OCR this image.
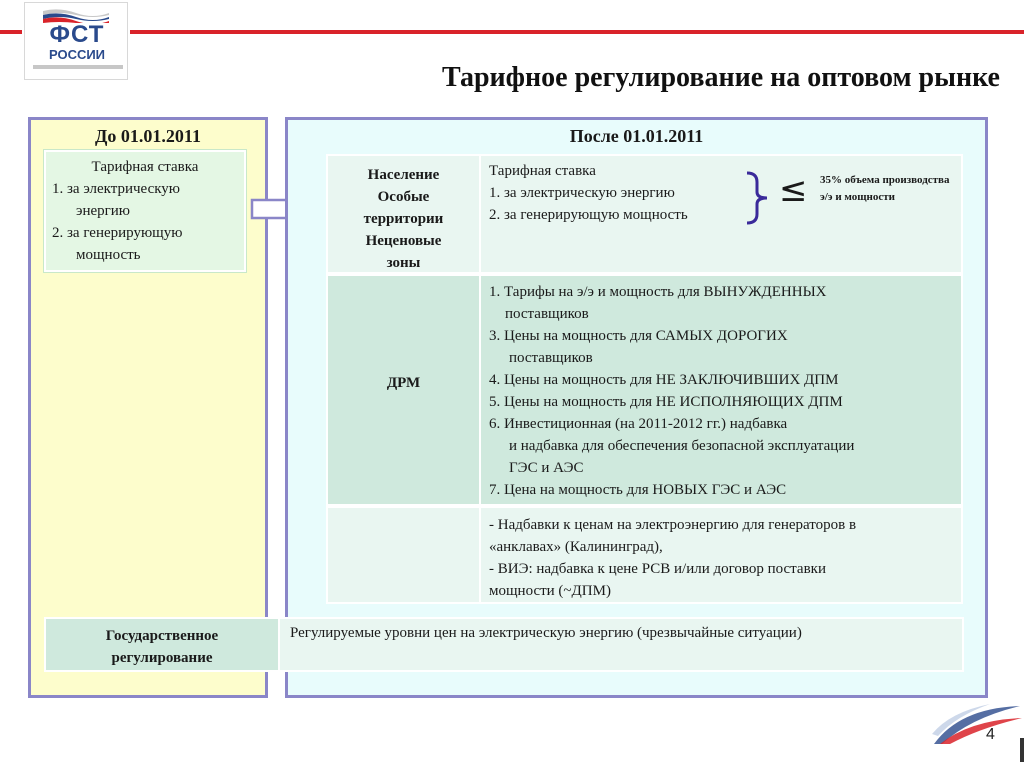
ФСТ
РОССИИ
Тарифное регулирование на оптовом рынке
До 01.01.2011
Тарифная ставка
1. за электрическую
энергию
2. за генерирующую
мощность
После 01.01.2011
Население
Особые
территории
Неценовые
зоны
Тарифная ставка
1. за электрическую энергию
2. за генерирующую мощность
ДРМ
1. Тарифы на э/э и мощность для ВЫНУЖДЕННЫХ
поставщиков
3. Цены на мощность для САМЫХ ДОРОГИХ
поставщиков
4. Цены на мощность для НЕ ЗАКЛЮЧИВШИХ ДПМ
5. Цены на мощность для НЕ ИСПОЛНЯЮЩИХ ДПМ
6. Инвестиционная (на 2011-2012 гг.) надбавка
и надбавка для обеспечения безопасной эксплуатации
ГЭС и АЭС
7. Цена на мощность для НОВЫХ ГЭС и АЭС
- Надбавки к ценам на электроэнергию для генераторов в
«анклавах» (Калининград),
- ВИЭ: надбавка к цене РСВ и/или договор поставки
мощности (~ДПМ)
≤ 35% объема производства э/э и мощности
Государственное
регулирование
Регулируемые уровни цен на электрическую энергию (чрезвычайные ситуации)
4
